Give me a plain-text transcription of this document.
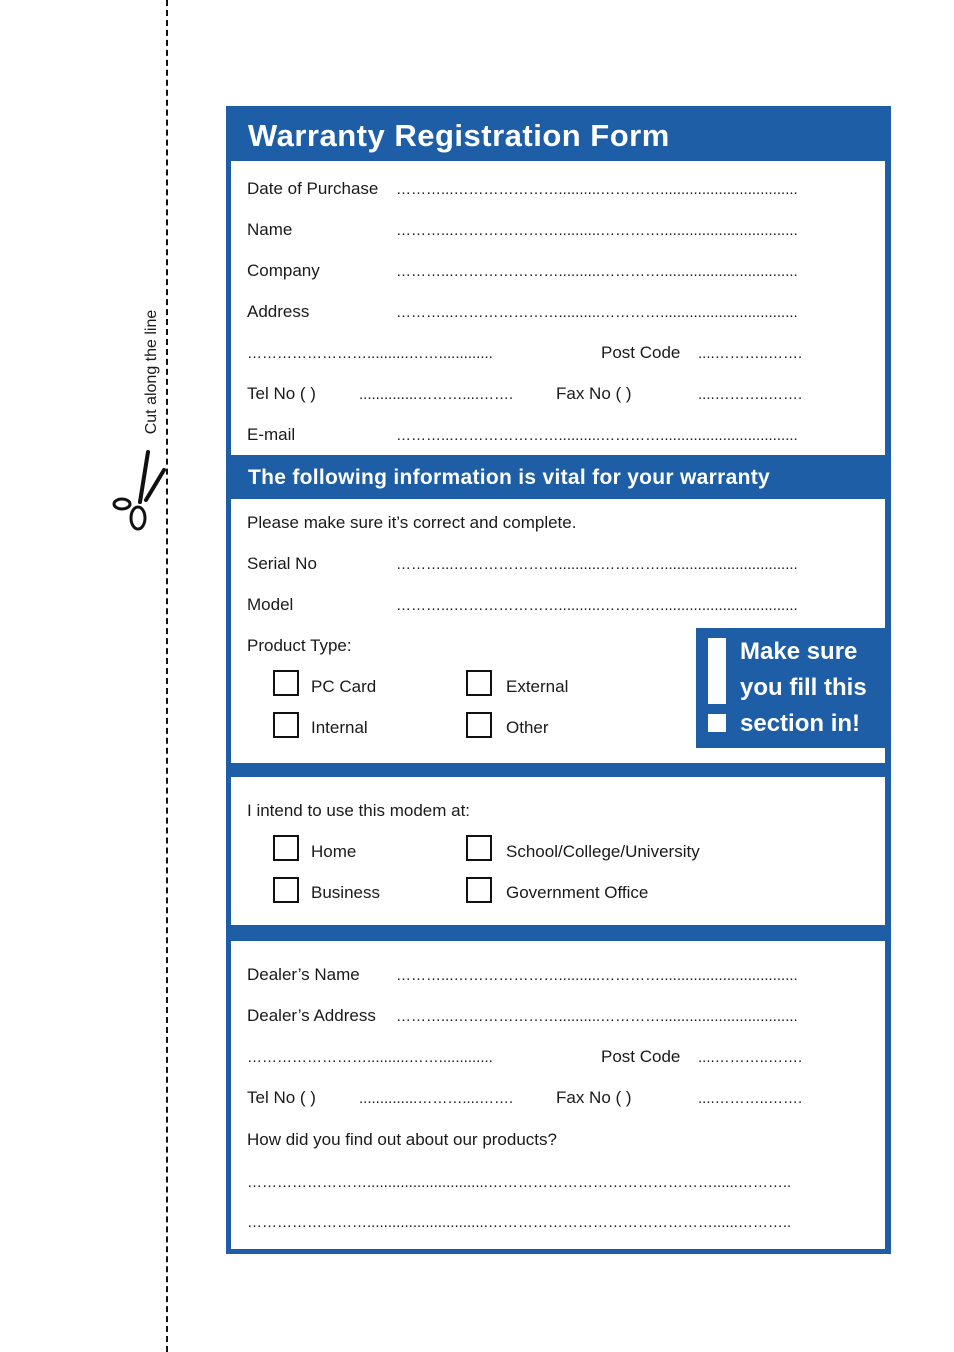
Cut along the line
Warranty Registration Form
Date of Purchase ………...…………………..........………….................................
Name	………...…………………..........………….................................
Company	………...…………………..........………….................................
Address	………...…………………..........………….................................
……………………..........…….............	Post Code ....………..…….
Tel No ( )	..............………....…….	Fax No ( )	....………..…….
E-mail	………...…………………..........………….................................
The following information is vital for your warranty
Please make sure it’s correct and complete.
Serial No	………...…………………..........………….................................
Model	………...…………………..........………….................................
Product Type:
PC Card	External
Internal	Other
Make sure
you fill this
section in!
I intend to use this modem at:
Home	School/College/University
Business	Government Office
Dealer’s Name ………...…………………..........………….................................
Dealer’s Address ………...…………………..........………….................................
……………………..........…….............	Post Code ....………..…….
Tel No ( )	..............………....…….	Fax No ( )	....………..…….
How did you find out about our products?
…………………….............................………………………………………......………..
…………………….............................………………………………………......………..
